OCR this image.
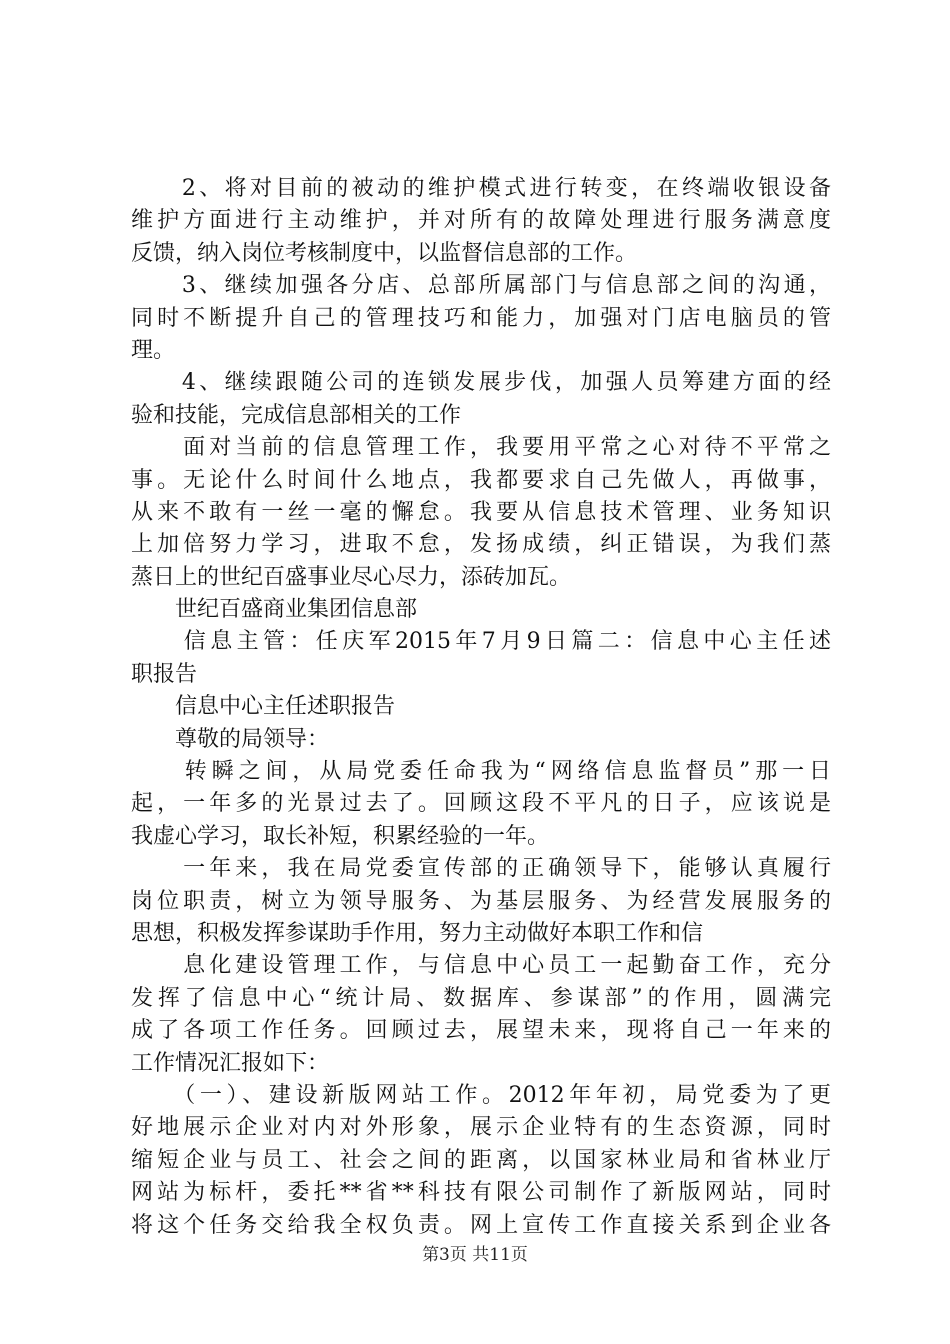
　　2、将对目前的被动的维护模式进行转变，在终端收银设备
维护方面进行主动维护，并对所有的故障处理进行服务满意度
反馈，纳入岗位考核制度中，以监督信息部的工作。
　　3、继续加强各分店、总部所属部门与信息部之间的沟通，
同时不断提升自己的管理技巧和能力，加强对门店电脑员的管
理。
　　4、继续跟随公司的连锁发展步伐，加强人员筹建方面的经
验和技能，完成信息部相关的工作
　　面对当前的信息管理工作，我要用平常之心对待不平常之
事。无论什么时间什么地点，我都要求自己先做人，再做事，
从来不敢有一丝一毫的懈怠。我要从信息技术管理、业务知识
上加倍努力学习，进取不怠，发扬成绩，纠正错误，为我们蒸
蒸日上的世纪百盛事业尽心尽力，添砖加瓦。
　　世纪百盛商业集团信息部
　　信息主管：任庆军2015年7月9日篇二：信息中心主任述
职报告
　　信息中心主任述职报告
　　尊敬的局领导：
　　转瞬之间，从局党委任命我为“网络信息监督员”那一日
起，一年多的光景过去了。回顾这段不平凡的日子，应该说是
我虚心学习，取长补短，积累经验的一年。
　　一年来，我在局党委宣传部的正确领导下，能够认真履行
岗位职责，树立为领导服务、为基层服务、为经营发展服务的
思想，积极发挥参谋助手作用，努力主动做好本职工作和信
　　息化建设管理工作，与信息中心员工一起勤奋工作，充分
发挥了信息中心“统计局、数据库、参谋部”的作用，圆满完
成了各项工作任务。回顾过去，展望未来，现将自己一年来的
工作情况汇报如下：
　　（一）、建设新版网站工作。2012年年初，局党委为了更
好地展示企业对内对外形象，展示企业特有的生态资源，同时
缩短企业与员工、社会之间的距离，以国家林业局和省林业厅
网站为标杆，委托**省**科技有限公司制作了新版网站，同时
将这个任务交给我全权负责。网上宣传工作直接关系到企业各
第3页 共11页
